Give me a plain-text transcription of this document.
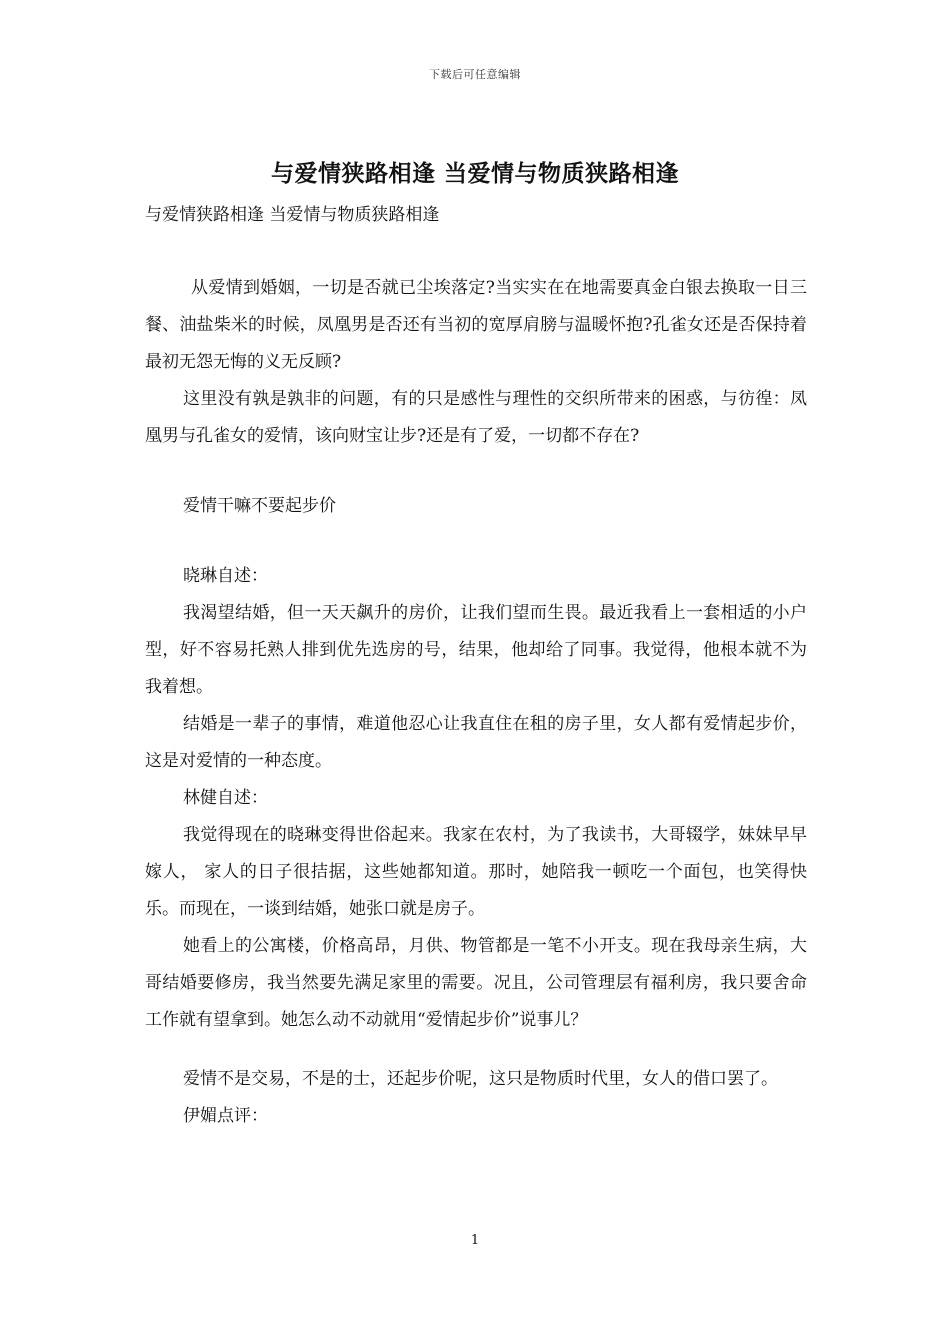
下载后可任意编辑
与爱情狭路相逢 当爱情与物质狭路相逢
与爱情狭路相逢 当爱情与物质狭路相逢

从爱情到婚姻，一切是否就已尘埃落定?当实实在在地需要真金白银去换取一日三餐、油盐柴米的时候，凤凰男是否还有当初的宽厚肩膀与温暖怀抱?孔雀女还是否保持着最初无怨无悔的义无反顾?

这里没有孰是孰非的问题，有的只是感性与理性的交织所带来的困惑，与彷徨：凤凰男与孔雀女的爱情，该向财宝让步?还是有了爱，一切都不存在?

爱情干嘛不要起步价

晓琳自述：

我渴望结婚，但一天天飙升的房价，让我们望而生畏。最近我看上一套相适的小户型，好不容易托熟人排到优先选房的号，结果，他却给了同事。我觉得，他根本就不为我着想。

结婚是一辈子的事情，难道他忍心让我直住在租的房子里，女人都有爱情起步价，这是对爱情的一种态度。

林健自述：

我觉得现在的晓琳变得世俗起来。我家在农村，为了我读书，大哥辍学，妹妹早早嫁人， 家人的日子很拮据，这些她都知道。那时，她陪我一顿吃一个面包，也笑得快乐。而现在，一谈到结婚，她张口就是房子。

她看上的公寓楼，价格高昂，月供、物管都是一笔不小开支。现在我母亲生病，大哥结婚要修房，我当然要先满足家里的需要。况且，公司管理层有福利房，我只要舍命工作就有望拿到。她怎么动不动就用“爱情起步价”说事儿？

爱情不是交易，不是的士，还起步价呢，这只是物质时代里，女人的借口罢了。

伊媚点评：

1
